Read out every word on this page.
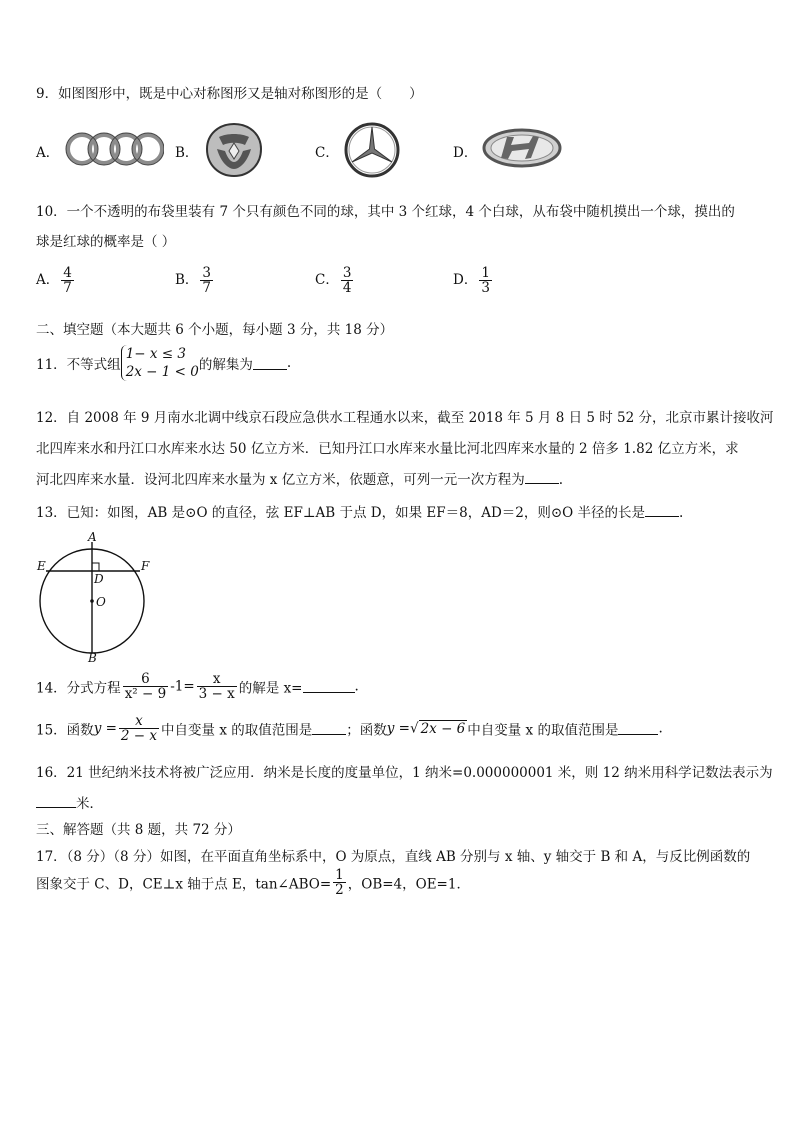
9．如图图形中，既是中心对称图形又是轴对称图形的是（　　）
A．	B．	C．	D．
10．一个不透明的布袋里装有 7 个只有颜色不同的球，其中 3 个红球，4 个白球，从布袋中随机摸出一个球，摸出的
球是红球的概率是（ ）
A． $\frac{4}{7}$	B． $\frac{3}{7}$	C． $\frac{3}{4}$	D． $\frac{1}{3}$
二、填空题（本大题共 6 个小题，每小题 3 分，共 18 分）
11．不等式组
1− x ≤ 3
2x − 1 < 0 的解集为	.
12．自 2008 年 9 月南水北调中线京石段应急供水工程通水以来，截至 2018 年 5 月 8 日 5 时 52 分，北京市累计接收河
北四库来水和丹江口水库来水达 50 亿立方米．已知丹江口水库来水量比河北四库来水量的 2 倍多 1.82 亿立方米，求
河北四库来水量．设河北四库来水量为 x 亿立方米，依题意，可列一元一次方程为	.
13．已知：如图，AB 是⊙O 的直径，弦 EF⊥AB 于点 D，如果 EF＝8，AD＝2，则⊙O 半径的长是	.
A
E	F
D
O
B
14．分式方程 $\frac{6}{\text{x² − 9}} -1= \frac{x}{3 - x}$ 的解是 x=	.
15．函数$y = \frac{x}{2 - x}$ 中自变量 x 的取值范围是	；函数y =√ 2x − 6 中自变量 x 的取值范围是	.
16．21 世纪纳米技术将被广泛应用．纳米是长度的度量单位，1 纳米=0.000000001 米，则 12 纳米用科学记数法表示为
米．
三、解答题（共 8 题，共 72 分）
17．（8 分）（8 分）如图，在平面直角坐标系中，O 为原点，直线 AB 分别与 x 轴、y 轴交于 B 和 A，与反比例函数的
图象交于 C、D，CE⊥x 轴于点 E，tan∠ABO= $\frac{1}{2}$ ，OB=4，OE=1．
